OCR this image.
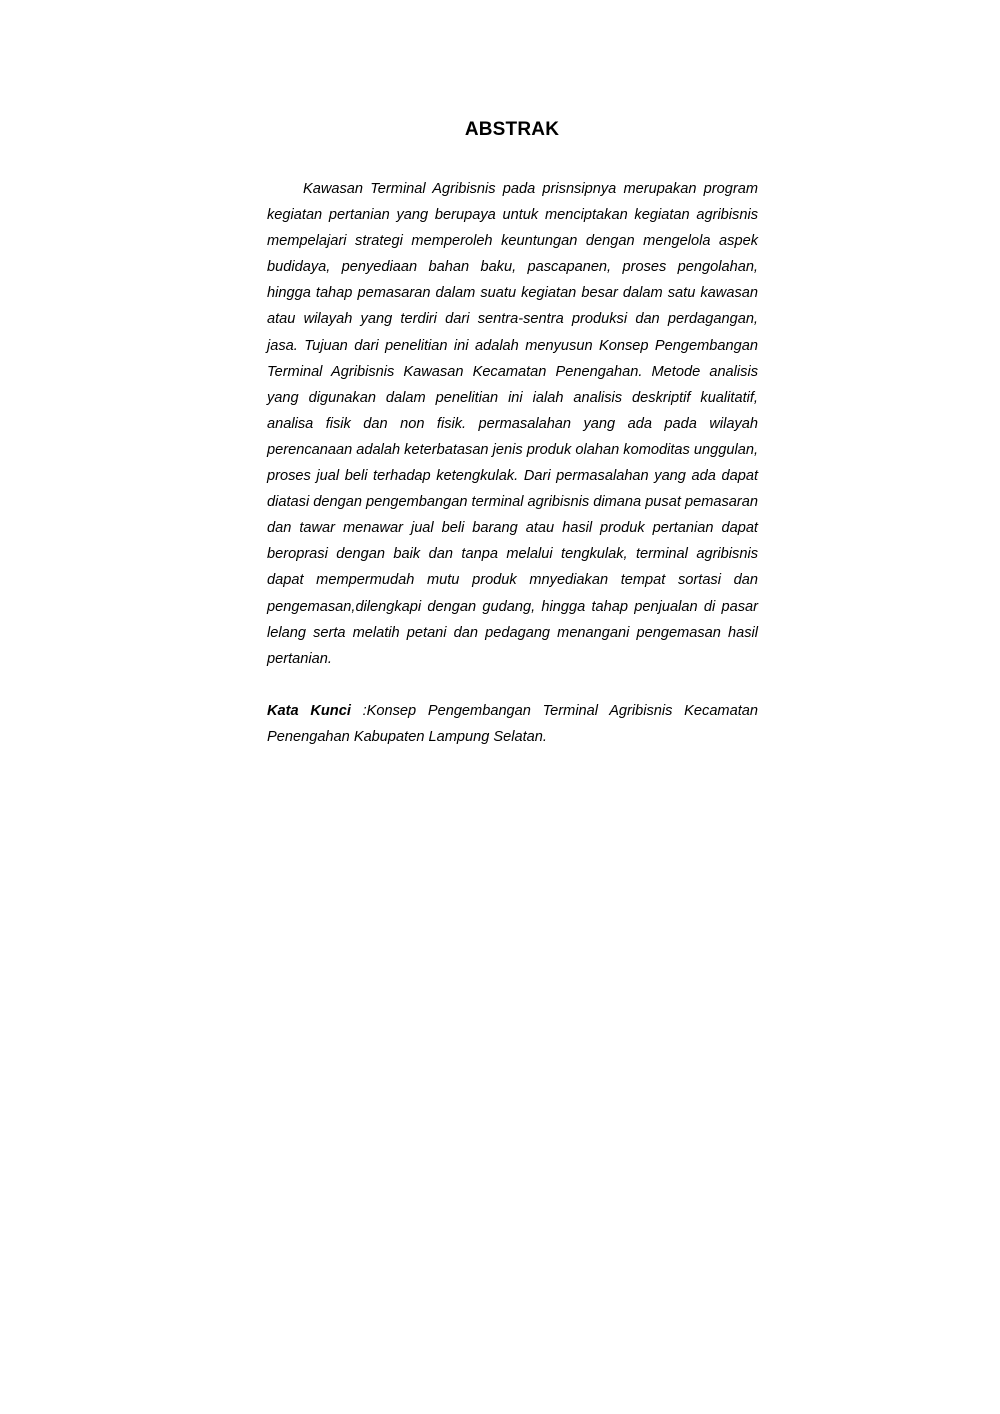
ABSTRAK

Kawasan Terminal Agribisnis pada prisnsipnya merupakan program kegiatan pertanian yang berupaya untuk menciptakan kegiatan agribisnis mempelajari strategi memperoleh keuntungan dengan mengelola aspek budidaya, penyediaan bahan baku, pascapanen, proses pengolahan, hingga tahap pemasaran dalam suatu kegiatan besar dalam satu kawasan atau wilayah yang terdiri dari sentra-sentra produksi dan perdagangan, jasa. Tujuan dari penelitian ini adalah menyusun Konsep Pengembangan Terminal Agribisnis Kawasan Kecamatan Penengahan. Metode analisis yang digunakan dalam penelitian ini ialah analisis deskriptif kualitatif, analisa fisik dan non fisik. permasalahan yang ada pada wilayah perencanaan adalah keterbatasan jenis produk olahan komoditas unggulan, proses jual beli terhadap ketengkulak. Dari permasalahan yang ada dapat diatasi dengan pengembangan terminal agribisnis dimana pusat pemasaran dan tawar menawar jual beli barang atau hasil produk pertanian dapat beroprasi dengan baik dan tanpa melalui tengkulak, terminal agribisnis dapat mempermudah mutu produk mnyediakan tempat sortasi dan pengemasan,dilengkapi dengan gudang, hingga tahap penjualan di pasar lelang serta melatih petani dan pedagang menangani pengemasan hasil pertanian.

Kata Kunci :Konsep Pengembangan Terminal Agribisnis Kecamatan Penengahan Kabupaten Lampung Selatan.
